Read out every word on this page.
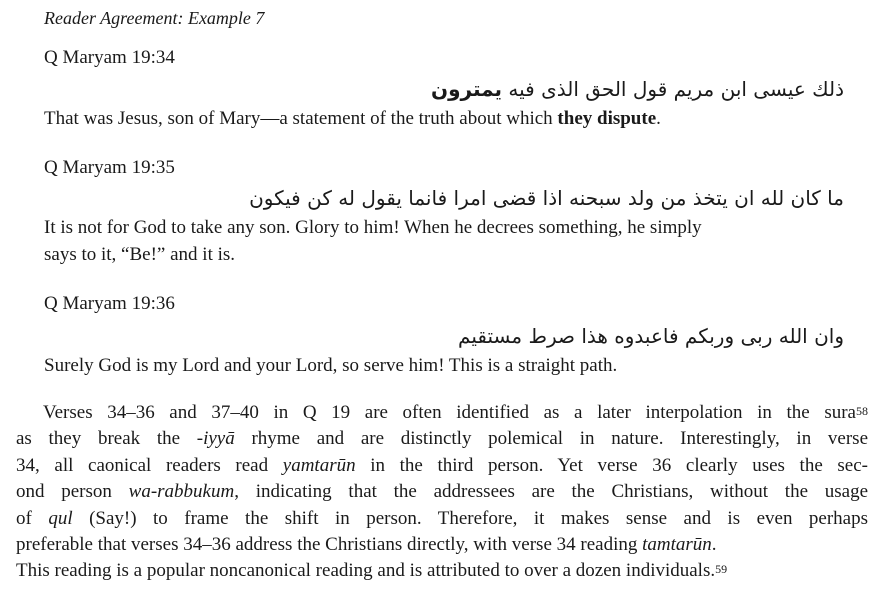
Reader Agreement: Example 7
Q Maryam 19:34
ذلك عيسى ابن مريم قول الحق الذى فيه يمترون
That was Jesus, son of Mary—a statement of the truth about which they dispute.
Q Maryam 19:35
ما كان لله ان يتخذ من ولد سبحنه اذا قضى امرا فانما يقول له كن فيكون
It is not for God to take any son. Glory to him! When he decrees something, he simply
says to it, “Be!” and it is.
Q Maryam 19:36
وان الله ربى وربكم فاعبدوه هذا صرط مستقيم
Surely God is my Lord and your Lord, so serve him! This is a straight path.
Verses 34–36 and 37–40 in Q 19 are often identified as a later interpolation in the sura$^{58}$
as they break the -iyyā rhyme and are distinctly polemical in nature. Interestingly, in verse
34, all caonical readers read yamtarūn in the third person. Yet verse 36 clearly uses the sec-
ond person wa-rabbukum, indicating that the addressees are the Christians, without the usage
of qul (Say!) to frame the shift in person. Therefore, it makes sense and is even perhaps
preferable that verses 34–36 address the Christians directly, with verse 34 reading tamtarūn.
This reading is a popular noncanonical reading and is attributed to over a dozen individuals.$^{59}$
